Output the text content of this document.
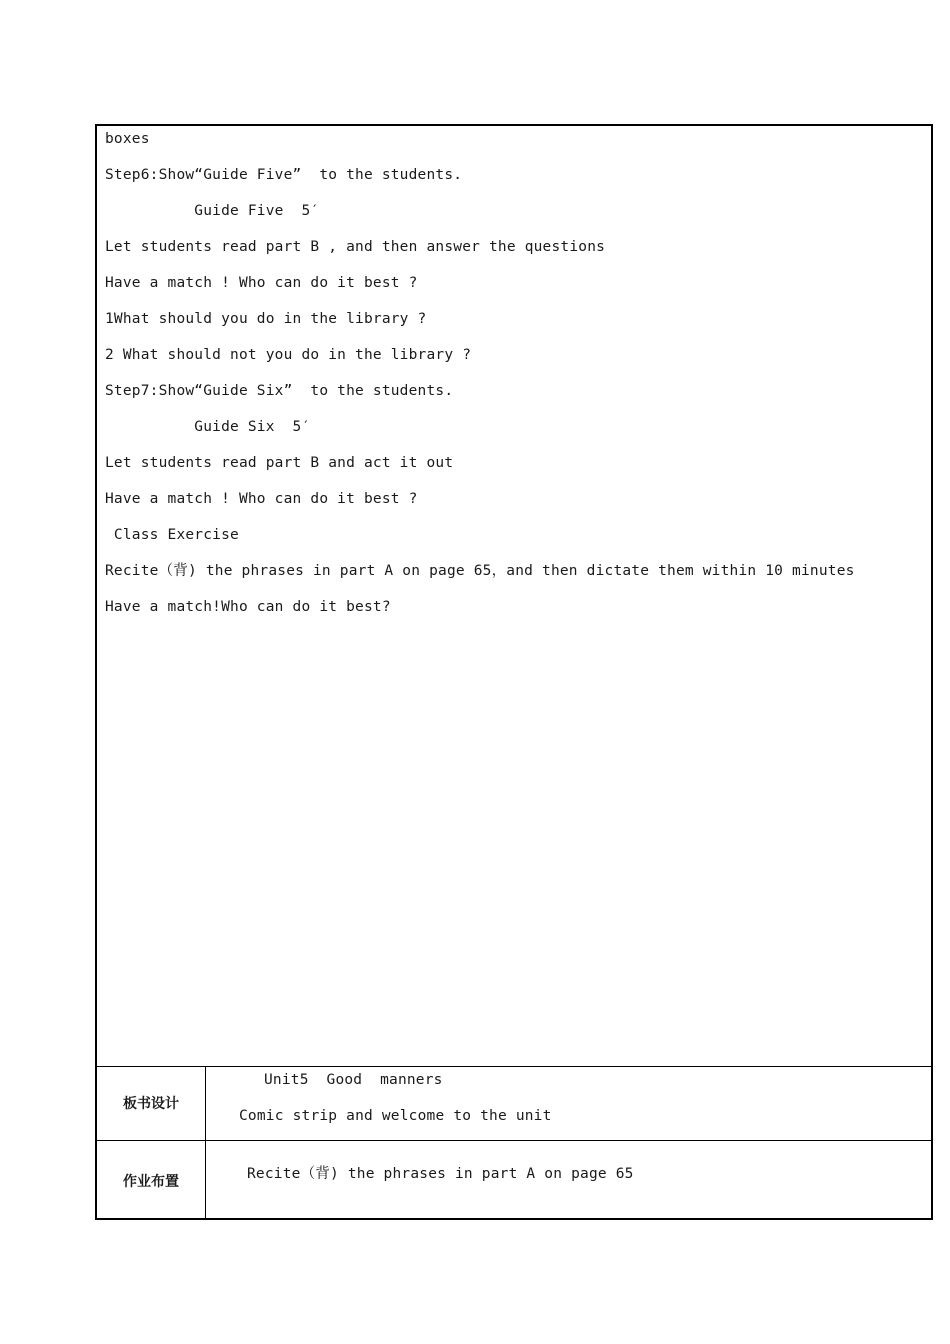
boxes
Step6:Show“Guide Five”  to the students.
Guide Five  5′
Let students read part B , and then answer the questions
Have a match ! Who can do it best ?
1What should you do in the library ?
2 What should not you do in the library ?
Step7:Show“Guide Six”  to the students.
Guide Six  5′
Let students read part B and act it out
Have a match ! Who can do it best ?
Class Exercise
Recite（背) the phrases in part A on page 65，and then dictate them within 10 minutes
Have a match!Who can do it best?
板书设计
Unit5  Good  manners
Comic strip and welcome to the unit
作业布置	Recite（背) the phrases in part A on page 65
